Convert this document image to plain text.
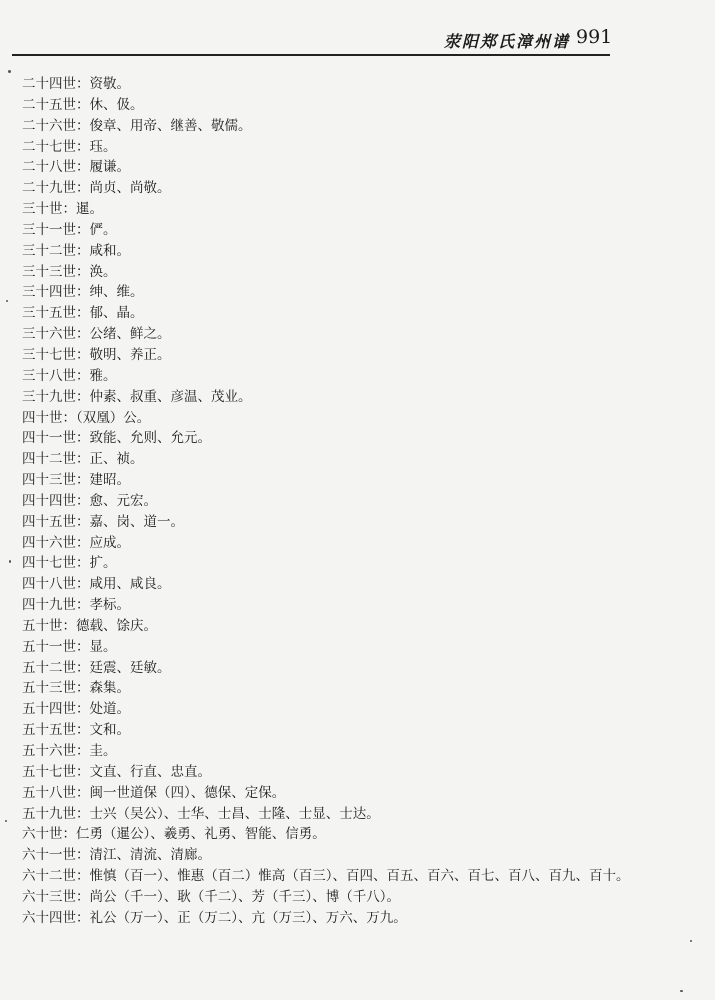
荥阳郑氏漳州谱 991
二十四世：资敬。
二十五世：休、伋。
二十六世：俊章、用帝、继善、敬儒。
二十七世：珏。
二十八世：履谦。
二十九世：尚贞、尚敬。
三十世：暹。
三十一世：俨。
三十二世：咸和。
三十三世：涣。
三十四世：绅、维。
三十五世：郁、晶。
三十六世：公绪、鲜之。
三十七世：敬明、养正。
三十八世：雅。
三十九世：仲素、叔重、彦温、茂业。
四十世：（双凰）公。
四十一世：致能、允则、允元。
四十二世：正、祯。
四十三世：建昭。
四十四世：愈、元宏。
四十五世：嘉、岗、道一。
四十六世：应成。
四十七世：扩。
四十八世：咸用、咸良。
四十九世：孝标。
五十世：德载、馀庆。
五十一世：显。
五十二世：廷震、廷敏。
五十三世：森集。
五十四世：处道。
五十五世：文和。
五十六世：圭。
五十七世：文直、行直、忠直。
五十八世：闽一世道保（四）、德保、定保。
五十九世：士兴（吴公）、士华、士昌、士隆、士显、士达。
六十世：仁勇（暹公）、羲勇、礼勇、智能、信勇。
六十一世：清江、清流、清廊。
六十二世：惟慎（百一）、惟惠（百二）惟高（百三）、百四、百五、百六、百七、百八、百九、百十。
六十三世：尚公（千一）、耿（千二）、芳（千三）、博（千八）。
六十四世：礼公（万一）、正（万二）、亢（万三）、万六、万九。
